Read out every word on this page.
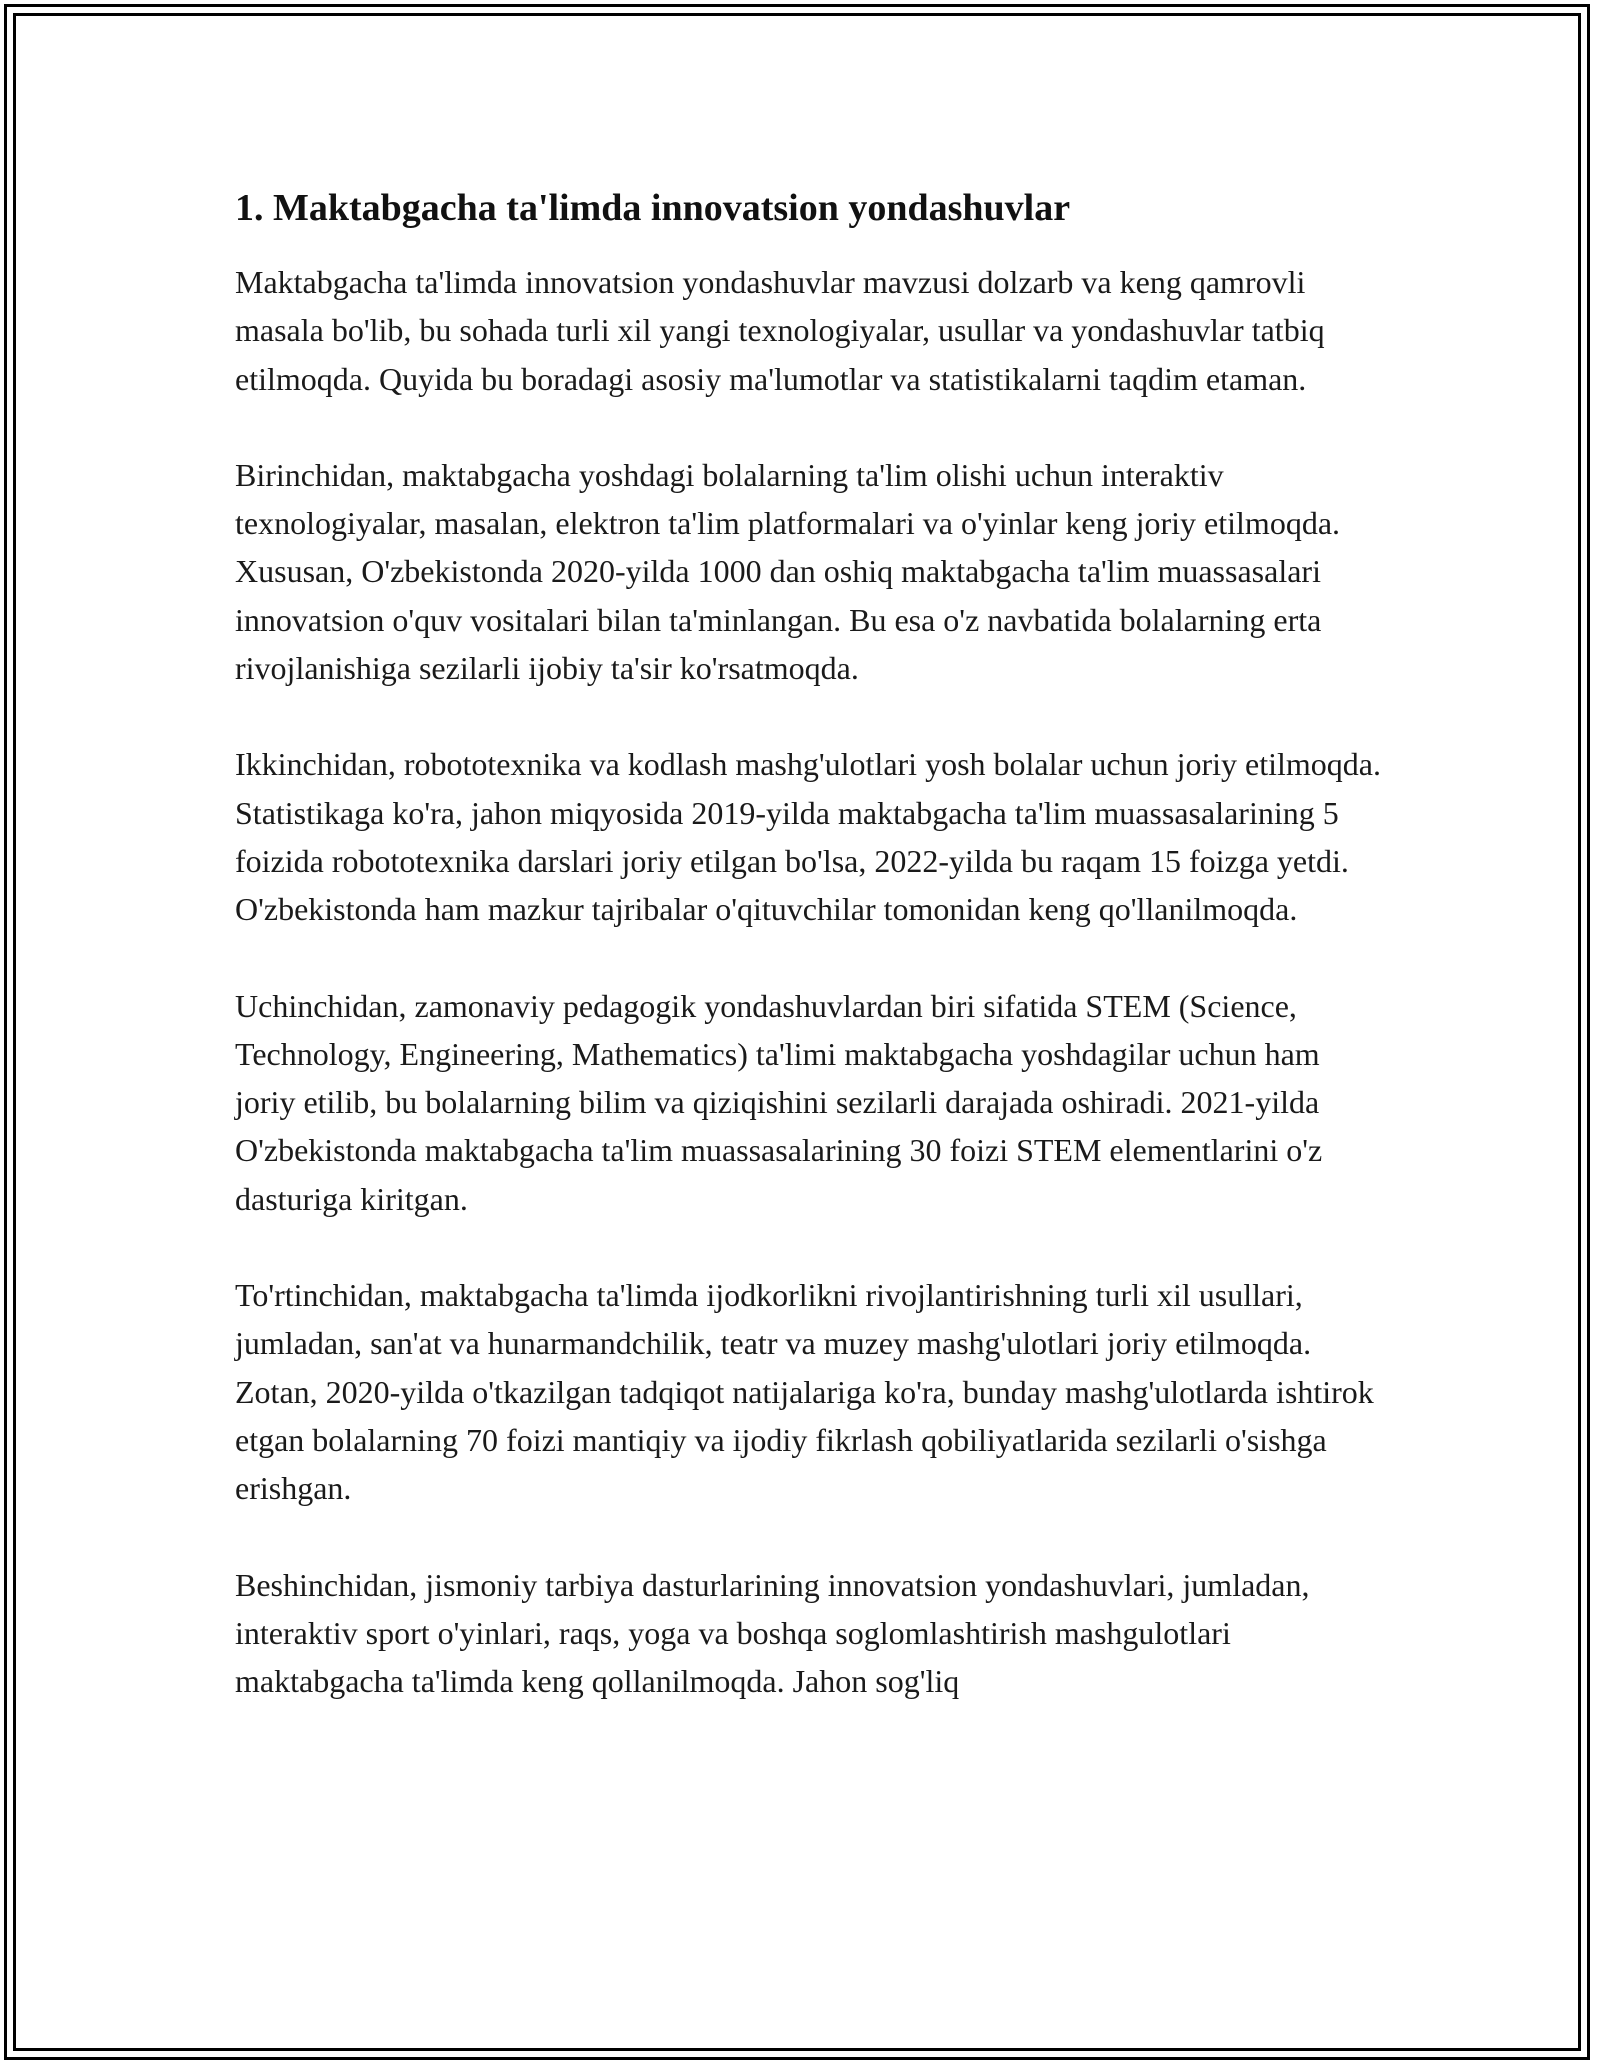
1. Maktabgacha ta'limda innovatsion yondashuvlar

Maktabgacha ta'limda innovatsion yondashuvlar mavzusi dolzarb va keng qamrovli masala bo'lib, bu sohada turli xil yangi texnologiyalar, usullar va yondashuvlar tatbiq etilmoqda. Quyida bu boradagi asosiy ma'lumotlar va statistikalarni taqdim etaman.

Birinchidan, maktabgacha yoshdagi bolalarning ta'lim olishi uchun interaktiv texnologiyalar, masalan, elektron ta'lim platformalari va o'yinlar keng joriy etilmoqda. Xususan, O'zbekistonda 2020-yilda 1000 dan oshiq maktabgacha ta'lim muassasalari innovatsion o'quv vositalari bilan ta'minlangan. Bu esa o'z navbatida bolalarning erta rivojlanishiga sezilarli ijobiy ta'sir ko'rsatmoqda.

Ikkinchidan, robototexnika va kodlash mashg'ulotlari yosh bolalar uchun joriy etilmoqda. Statistikaga ko'ra, jahon miqyosida 2019-yilda maktabgacha ta'lim muassasalarining 5 foizida robototexnika darslari joriy etilgan bo'lsa, 2022-yilda bu raqam 15 foizga yetdi. O'zbekistonda ham mazkur tajribalar o'qituvchilar tomonidan keng qo'llanilmoqda.

Uchinchidan, zamonaviy pedagogik yondashuvlardan biri sifatida STEM (Science, Technology, Engineering, Mathematics) ta'limi maktabgacha yoshdagilar uchun ham joriy etilib, bu bolalarning bilim va qiziqishini sezilarli darajada oshiradi. 2021-yilda O'zbekistonda maktabgacha ta'lim muassasalarining 30 foizi STEM elementlarini o'z dasturiga kiritgan.

To'rtinchidan, maktabgacha ta'limda ijodkorlikni rivojlantirishning turli xil usullari, jumladan, san'at va hunarmandchilik, teatr va muzey mashg'ulotlari joriy etilmoqda. Zotan, 2020-yilda o'tkazilgan tadqiqot natijalariga ko'ra, bunday mashg'ulotlarda ishtirok etgan bolalarning 70 foizi mantiqiy va ijodiy fikrlash qobiliyatlarida sezilarli o'sishga erishgan.

Beshinchidan, jismoniy tarbiya dasturlarining innovatsion yondashuvlari, jumladan, interaktiv sport o'yinlari, raqs, yoga va boshqa soglomlashtirish mashgulotlari maktabgacha ta'limda keng qollanilmoqda. Jahon sog'liq
